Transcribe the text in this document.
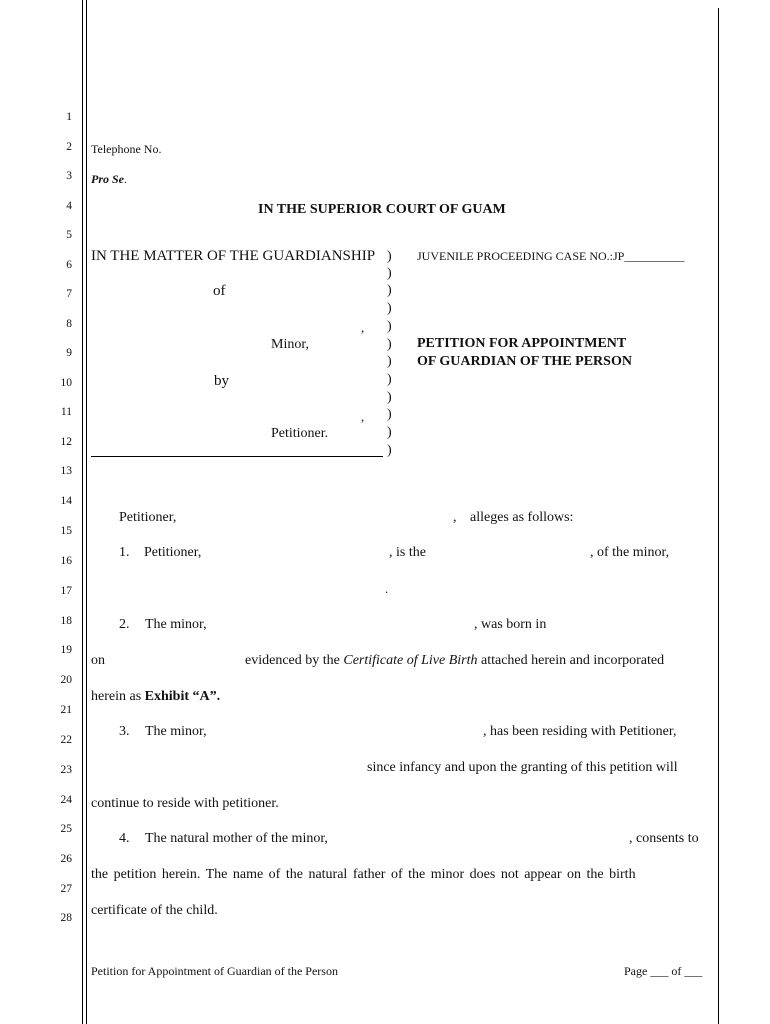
1
2
3
4
5
6
7
8
9
10
11
12
13
14
15
16
17
18
19
20
21
22
23
24
25
26
27
28
Telephone No.
Pro Se.
IN THE SUPERIOR COURT OF GUAM
IN THE MATTER OF THE GUARDIANSHIP
of
,
Minor,
by
,
Petitioner.
)
)
)
)
)
)
)
)
)
)
)
)
JUVENILE PROCEEDING CASE NO.:JP__________
PETITION FOR APPOINTMENT
OF GUARDIAN OF THE PERSON
Petitioner,	, alleges as follows:
1. Petitioner,	, is the	, of the minor,
.
2. The minor,	, was born in
on	evidenced by the Certificate of Live Birth attached herein and incorporated
herein as Exhibit “A”.
3. The minor,	, has been residing with Petitioner,
since infancy and upon the granting of this petition will
continue to reside with petitioner.
4. The natural mother of the minor,	, consents to
the petition herein. The name of the natural father of the minor does not appear on the birth
certificate of the child.
Petition for Appointment of Guardian of the Person	Page ___ of ___
